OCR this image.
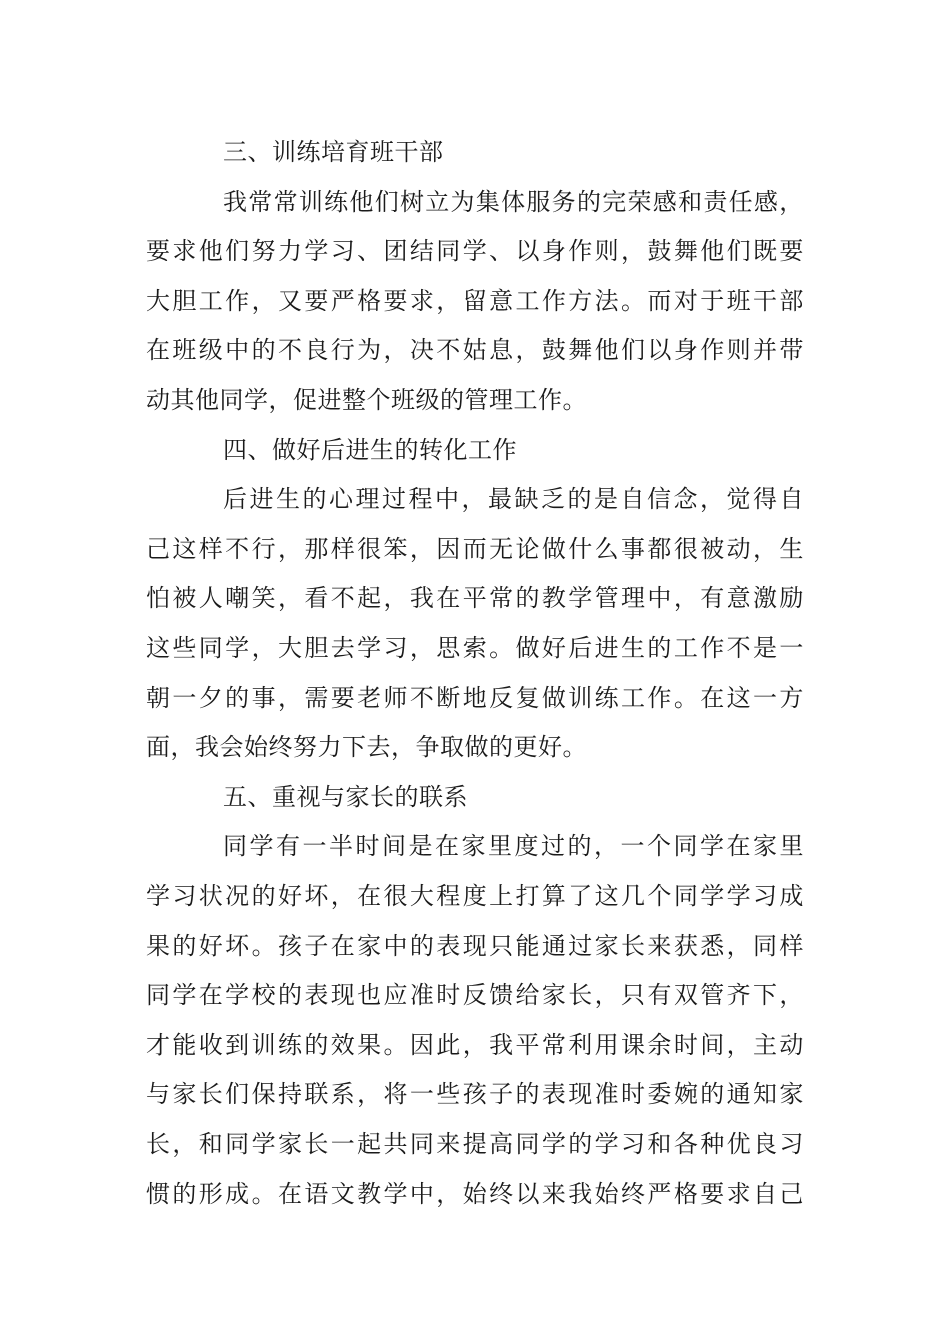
三、训练培育班干部
我 常 常 训 练 他 们 树 立 为 集 体 服 务 的 完 荣 感 和 责 任 感 ，
要 求 他 们 努 力 学 习 、 团 结 同 学 、 以 身 作 则 ， 鼓 舞 他 们 既 要
大 胆 工 作 ， 又 要 严 格 要 求 ， 留 意 工 作 方 法 。 而 对 于 班 干 部
在 班 级 中 的 不 良 行 为 ， 决 不 姑 息 ， 鼓 舞 他 们 以 身 作 则 并 带
动其他同学，促进整个班级的管理工作。
四、做好后进生的转化工作
后 进 生 的 心 理 过 程 中 ， 最 缺 乏 的 是 自 信 念 ， 觉 得 自
己 这 样 不 行 ， 那 样 很 笨 ， 因 而 无 论 做 什 么 事 都 很 被 动 ， 生
怕 被 人 嘲 笑 ， 看 不 起 ， 我 在 平 常 的 教 学 管 理 中 ， 有 意 激 励
这 些 同 学 ， 大 胆 去 学 习 ， 思 索 。 做 好 后 进 生 的 工 作 不 是 一
朝 一 夕 的 事 ， 需 要 老 师 不 断 地 反 复 做 训 练 工 作 。 在 这 一 方
面，我会始终努力下去，争取做的更好。
五、重视与家长的联系
同 学 有 一 半 时 间 是 在 家 里 度 过 的 ， 一 个 同 学 在 家 里
学 习 状 况 的 好 坏 ， 在 很 大 程 度 上 打 算 了 这 几 个 同 学 学 习 成
果 的 好 坏 。 孩 子 在 家 中 的 表 现 只 能 通 过 家 长 来 获 悉 ， 同 样
同 学 在 学 校 的 表 现 也 应 准 时 反 馈 给 家 长 ， 只 有 双 管 齐 下 ，
才 能 收 到 训 练 的 效 果 。 因 此 ， 我 平 常 利 用 课 余 时 间 ， 主 动
与 家 长 们 保 持 联 系 ， 将 一 些 孩 子 的 表 现 准 时 委 婉 的 通 知 家
长 ， 和 同 学 家 长 一 起 共 同 来 提 高 同 学 的 学 习 和 各 种 优 良 习
惯 的 形 成 。 在 语 文 教 学 中 ， 始 终 以 来 我 始 终 严 格 要 求 自 己
